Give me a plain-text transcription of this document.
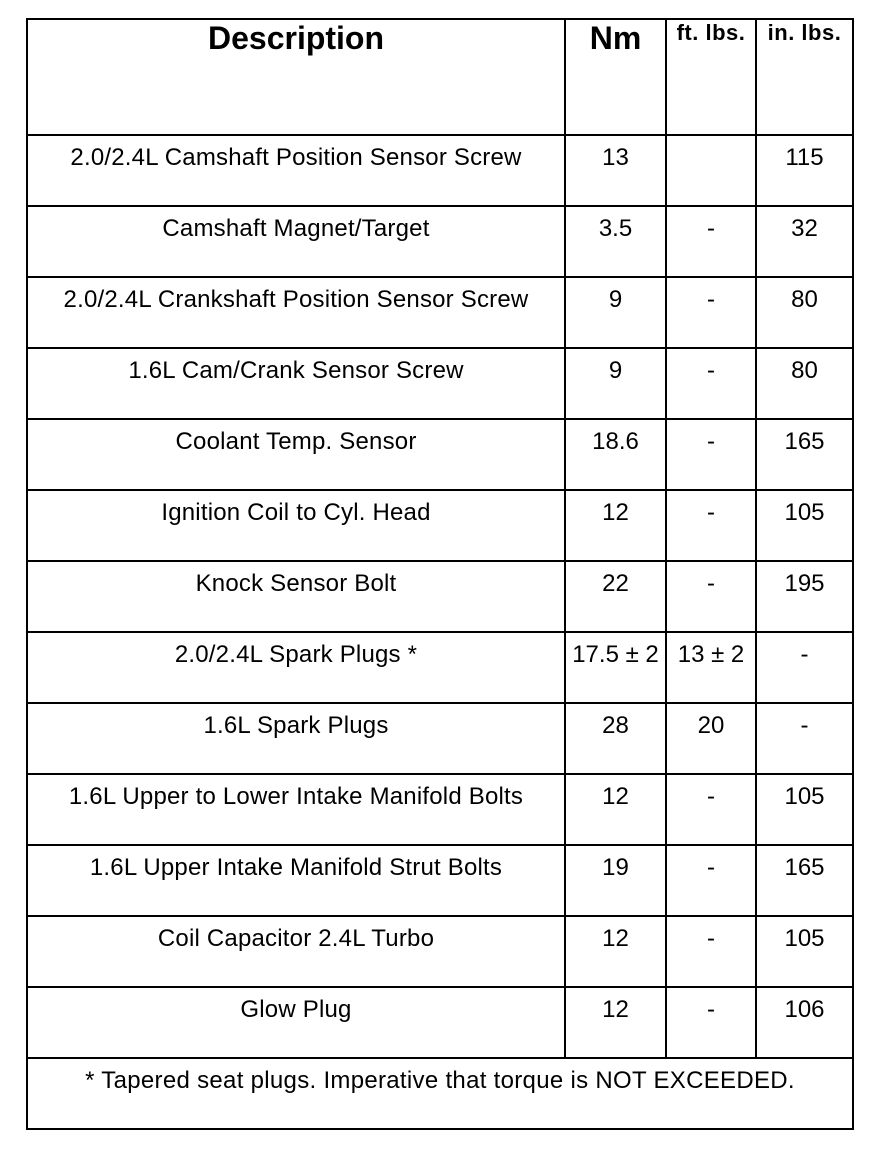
Description	Nm	ft. lbs.	in. lbs.
2.0/2.4L Camshaft Position Sensor Screw	13		115
Camshaft Magnet/Target	3.5	-	32
2.0/2.4L Crankshaft Position Sensor Screw	9	-	80
1.6L Cam/Crank Sensor Screw	9	-	80
Coolant Temp. Sensor	18.6	-	165
Ignition Coil to Cyl. Head	12	-	105
Knock Sensor Bolt	22	-	195
2.0/2.4L Spark Plugs *	17.5 ± 2	13 ± 2	-
1.6L Spark Plugs	28	20	-
1.6L Upper to Lower Intake Manifold Bolts	12	-	105
1.6L Upper Intake Manifold Strut Bolts	19	-	165
Coil Capacitor 2.4L Turbo	12	-	105
Glow Plug	12	-	106
* Tapered seat plugs. Imperative that torque is NOT EXCEEDED.			
